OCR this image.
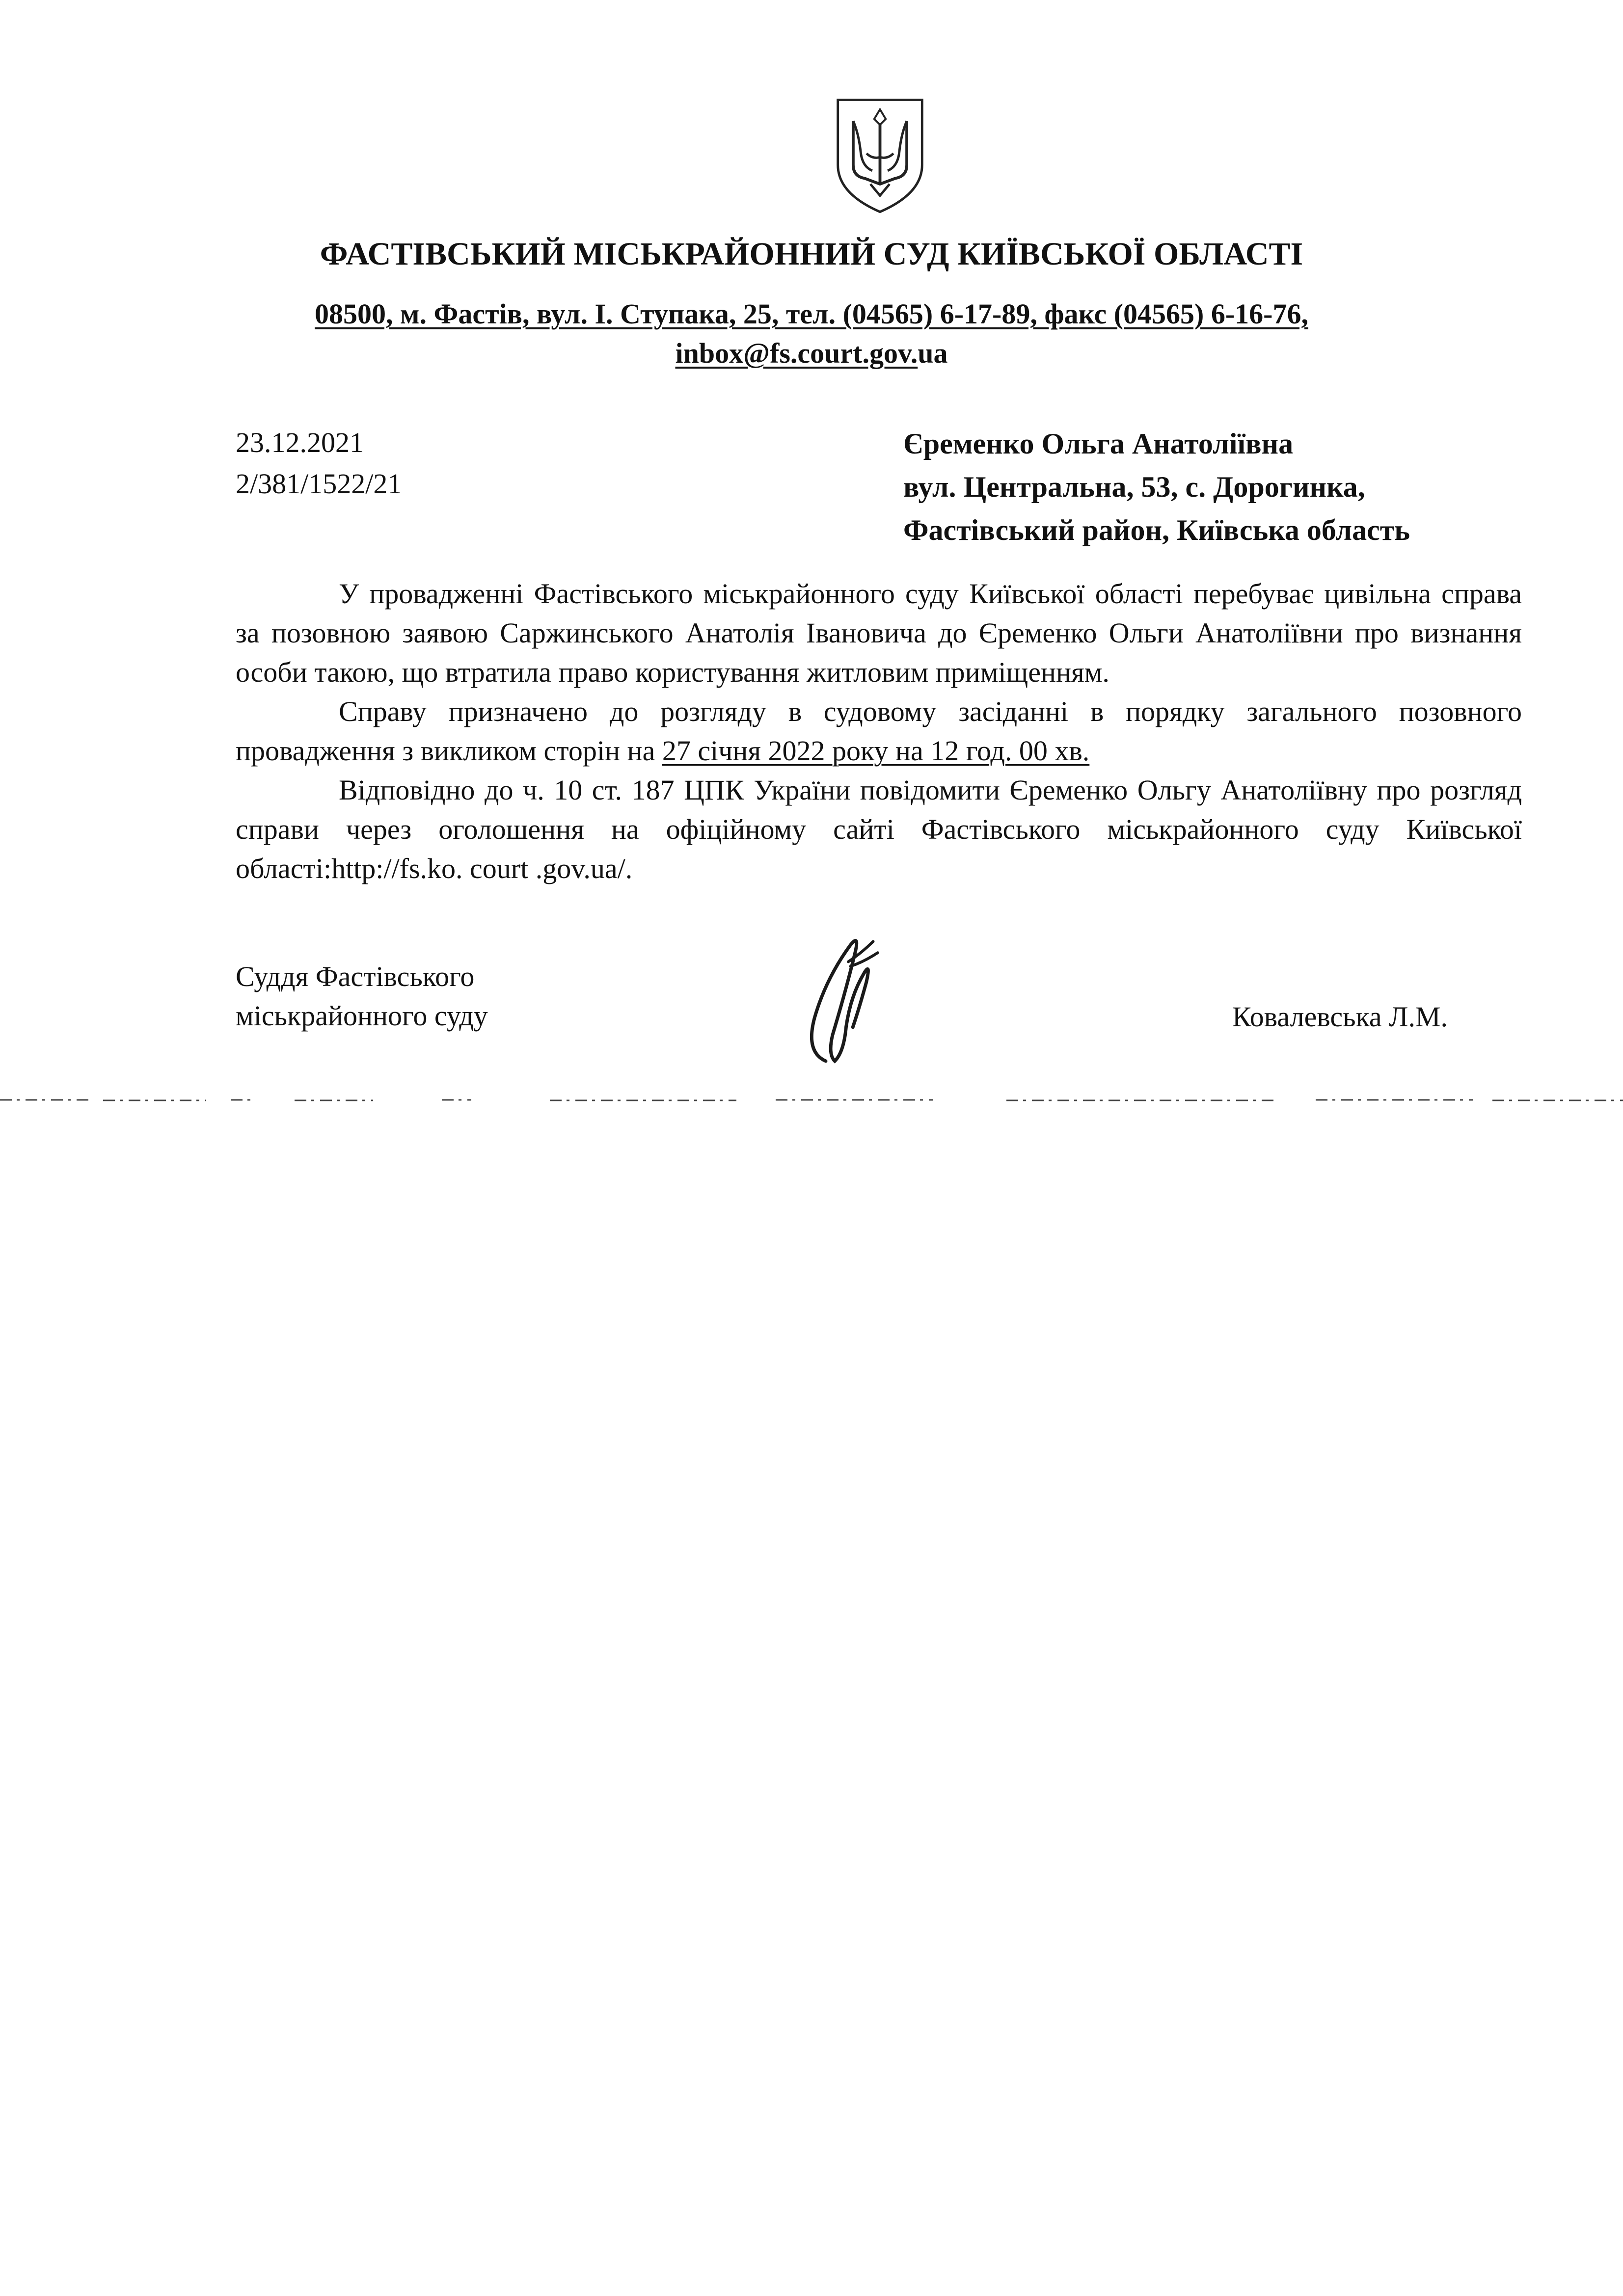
ФАСТІВСЬКИЙ МІСЬКРАЙОННИЙ СУД КИЇВСЬКОЇ ОБЛАСТІ
08500, м. Фастів, вул. І. Ступака, 25, тел. (04565) 6-17-89, факс (04565) 6-16-76,
inbox@fs.court.gov.ua
23.12.2021
2/381/1522/21
Єременко Ольга Анатоліївна
вул. Центральна, 53, с. Дорогинка,
Фастівський район, Київська область

У провадженні Фастівського міськрайонного суду Київської області перебуває цивільна справа за позовною заявою Саржинського Анатолія Івановича до Єременко Ольги Анатоліївни про визнання особи такою, що втратила право користування житловим приміщенням.

Справу призначено до розгляду в судовому засіданні в порядку загального позовного провадження з викликом сторін на 27 січня 2022 року на 12 год. 00 хв.

Відповідно до ч. 10 ст. 187 ЦПК України повідомити Єременко Ольгу Анатоліївну про розгляд справи через оголошення на офіційному сайті Фастівського міськрайонного суду Київської області:http://fs.ko. court .gov.ua/.

Суддя Фастівського
міськрайонного суду	Ковалевська Л.М.
